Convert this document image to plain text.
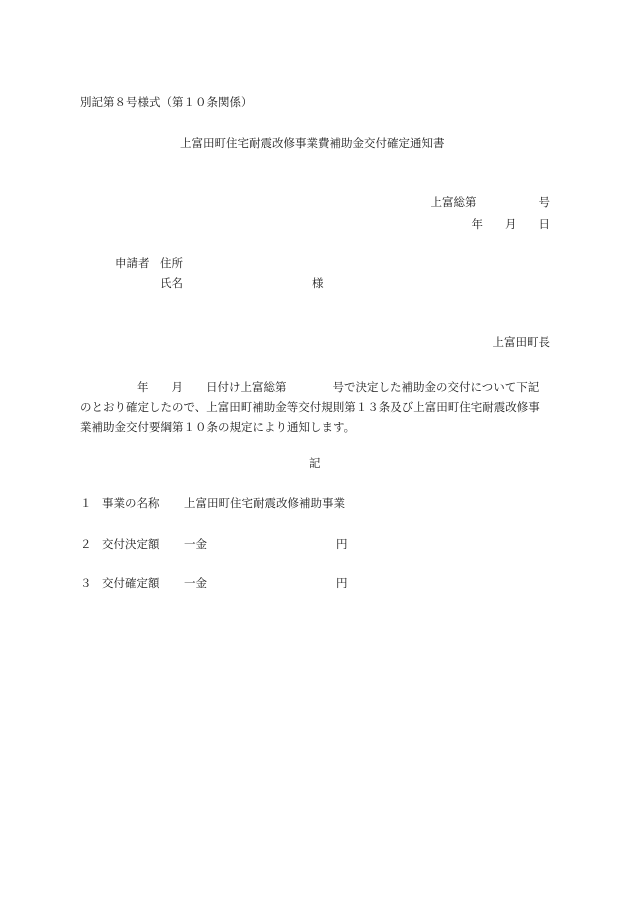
別記第８号様式（第１０条関係）
上富田町住宅耐震改修事業費補助金交付確定通知書
上富総第	号
年 月 日
申請者 住所
氏名	様
上富田町長
年 月 日付け上富総第	号で決定した補助金の交付について下記
のとおり確定したので、上富田町補助金等交付規則第１３条及び上富田町住宅耐震改修事
業補助金交付要綱第１０条の規定により通知します。
記
１ 事業の名称	上富田町住宅耐震改修補助事業
２ 交付決定額	一金	円
３ 交付確定額	一金	円
